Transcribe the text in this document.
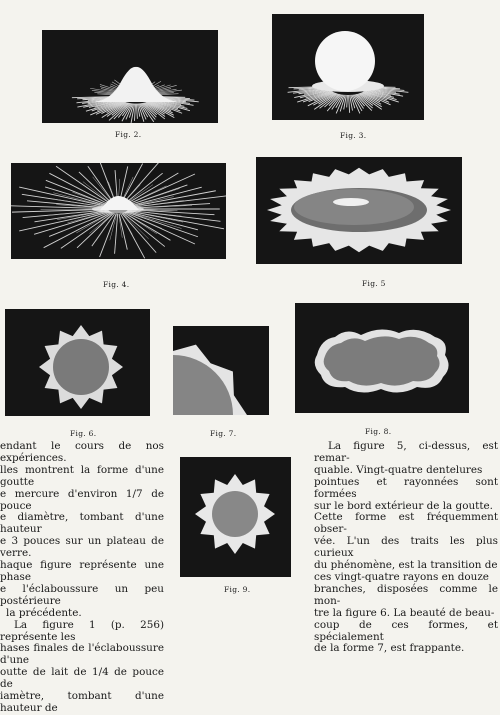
Fig. 2.	Fig. 3.
Fig. 4.	Fig. 5
Fig. 6.	Fig. 7.	Fig. 8.
Fig. 9.

endant le cours de nos expériences.

lles montrent la forme d'une goutte

e mercure d'environ 1/7 de pouce

e diamètre, tombant d'une hauteur

e 3 pouces sur un plateau de verre.

haque figure représente une phase

e l'éclaboussure un peu postérieure

la précédente.

La figure 1 (p. 256) représente les

hases finales de l'éclaboussure d'une

outte de lait de 1/4 de pouce de

iamètre, tombant d'une hauteur de

La figure 5, ci-dessus, est remar-

quable. Vingt-quatre dentelures

pointues et rayonnées sont formées

sur le bord extérieur de la goutte.

Cette forme est fréquemment obser-

vée. L'un des traits les plus curieux

du phénomène, est la transition de

ces vingt-quatre rayons en douze

branches, disposées comme le mon-

tre la figure 6. La beauté de beau-

coup de ces formes, et spécialement

de la forme 7, est frappante.
